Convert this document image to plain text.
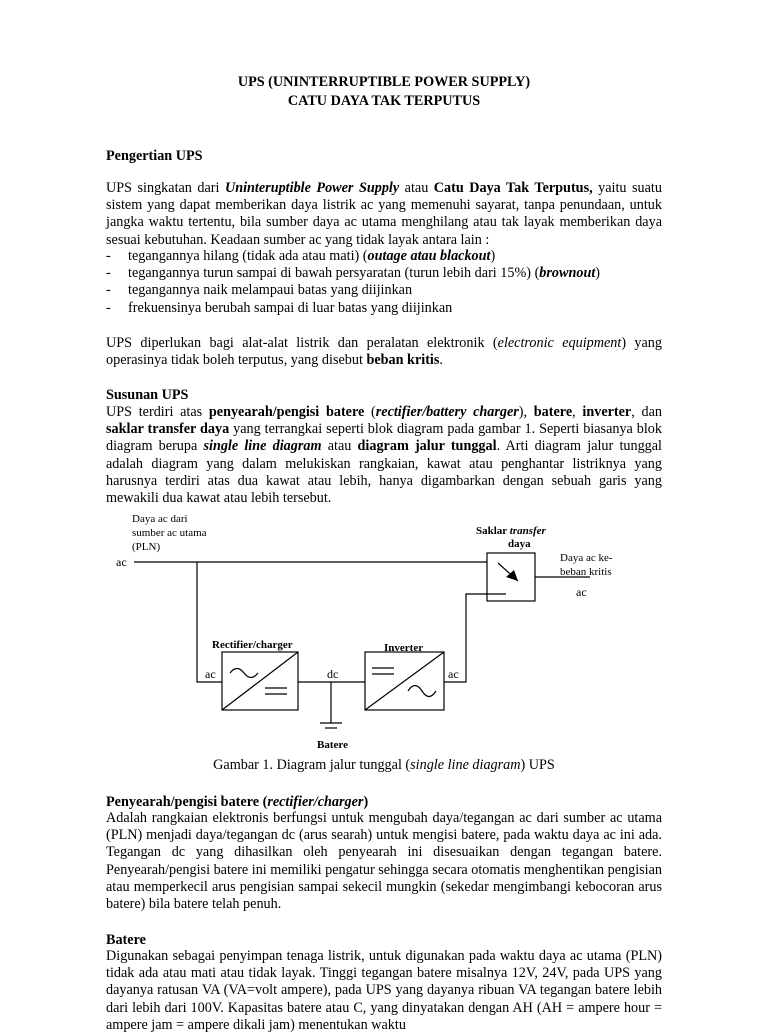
UPS (UNINTERRUPTIBLE POWER SUPPLY)
CATU DAYA TAK TERPUTUS
Pengertian UPS

UPS singkatan dari Uninteruptible Power Supply atau Catu Daya Tak Terputus, yaitu suatu sistem yang dapat memberikan daya listrik ac yang memenuhi sayarat, tanpa penundaan, untuk jangka waktu tertentu, bila sumber daya ac utama menghilang atau tak layak memberikan daya sesuai kebutuhan. Keadaan sumber ac yang tidak layak antara lain :

- tegangannya hilang (tidak ada atau mati) (outage atau blackout)
- tegangannya turun sampai di bawah persyaratan (turun lebih dari 15%) (brownout)
- tegangannya naik melampaui batas yang diijinkan
- frekuensinya berubah sampai di luar batas yang diijinkan

UPS diperlukan bagi alat-alat listrik dan peralatan elektronik (electronic equipment) yang operasinya tidak boleh terputus, yang disebut beban kritis.

Susunan UPS

UPS terdiri atas penyearah/pengisi batere (rectifier/battery charger), batere, inverter, dan saklar transfer daya yang terrangkai seperti blok diagram pada gambar 1. Seperti biasanya blok diagram berupa single line diagram atau diagram jalur tunggal. Arti diagram jalur tunggal adalah diagram yang dalam melukiskan rangkaian, kawat atau penghantar listriknya yang harusnya terdiri atas dua kawat atau lebih, hanya digambarkan dengan sebuah garis yang mewakili dua kawat atau lebih tersebut.

Daya ac dari
sumber ac utama
(PLN)
ac
Saklar transfer
daya
Daya ac ke-
beban kritis
ac
Rectifier/charger
ac	dc
Inverter
ac
Batere
Gambar 1. Diagram jalur tunggal (single line diagram) UPS
Penyearah/pengisi batere (rectifier/charger)
Adalah rangkaian elektronis berfungsi untuk mengubah daya/tegangan ac dari sumber ac utama (PLN) menjadi daya/tegangan dc (arus searah) untuk mengisi batere, pada waktu daya ac ini ada. Tegangan dc yang dihasilkan oleh penyearah ini disesuaikan dengan tegangan batere. Penyearah/pengisi batere ini memiliki pengatur sehingga secara otomatis menghentikan pengisian atau memperkecil arus pengisian sampai sekecil mungkin (sekedar mengimbangi kebocoran arus batere) bila batere telah penuh.
Batere
Digunakan sebagai penyimpan tenaga listrik, untuk digunakan pada waktu daya ac utama (PLN) tidak ada atau mati atau tidak layak. Tinggi tegangan batere misalnya 12V, 24V, pada UPS yang dayanya ratusan VA (VA=volt ampere), pada UPS yang dayanya ribuan VA tegangan batere lebih dari lebih dari 100V. Kapasitas batere atau C, yang dinyatakan dengan AH (AH = ampere hour = ampere jam = ampere dikali jam) menentukan waktu
